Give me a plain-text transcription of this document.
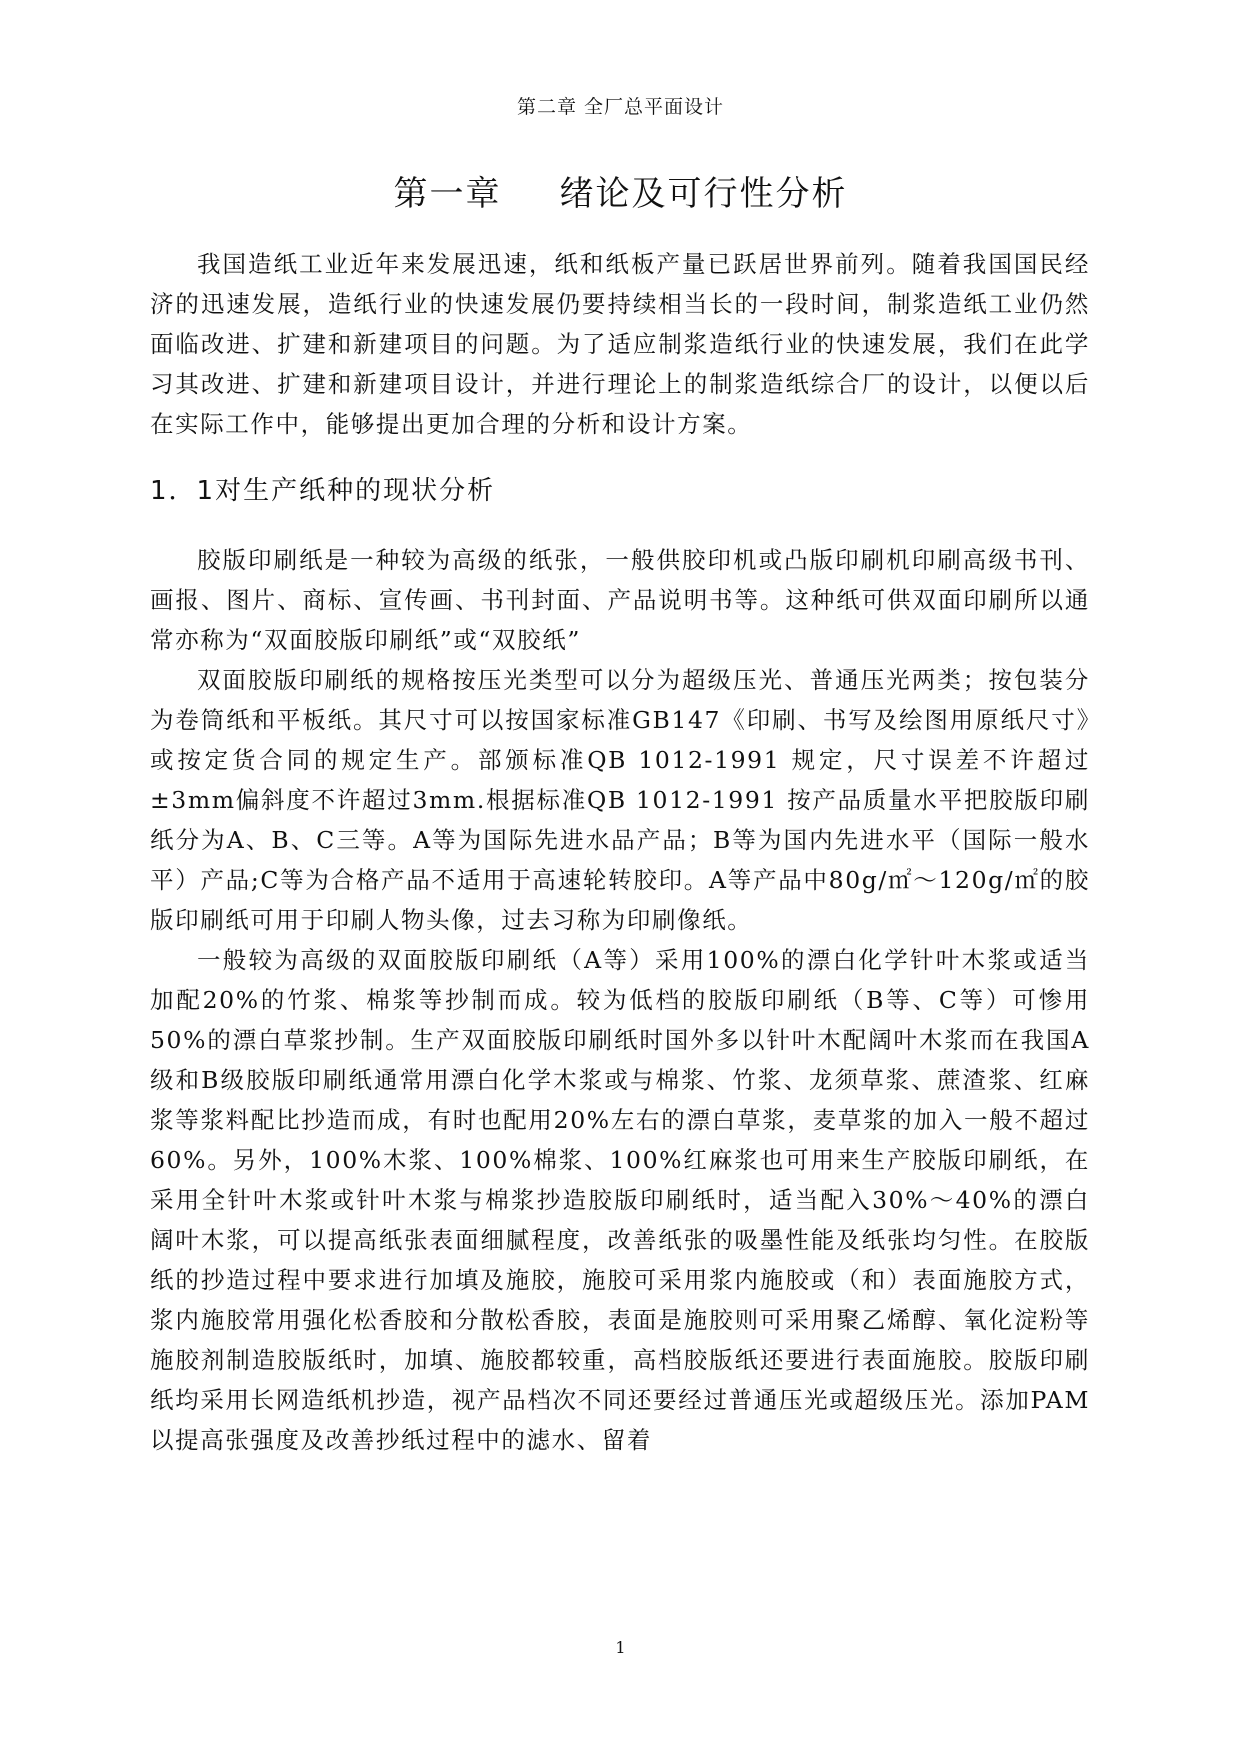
第二章 全厂总平面设计
第一章 绪论及可行性分析

我国造纸工业近年来发展迅速，纸和纸板产量已跃居世界前列。随着我国国民经济的迅速发展，造纸行业的快速发展仍要持续相当长的一段时间，制浆造纸工业仍然面临改进、扩建和新建项目的问题。为了适应制浆造纸行业的快速发展，我们在此学习其改进、扩建和新建项目设计，并进行理论上的制浆造纸综合厂的设计，以便以后在实际工作中，能够提出更加合理的分析和设计方案。

1．1对生产纸种的现状分析

胶版印刷纸是一种较为高级的纸张，一般供胶印机或凸版印刷机印刷高级书刊、画报、图片、商标、宣传画、书刊封面、产品说明书等。这种纸可供双面印刷所以通常亦称为“双面胶版印刷纸”或“双胶纸”

双面胶版印刷纸的规格按压光类型可以分为超级压光、普通压光两类；按包装分为卷筒纸和平板纸。其尺寸可以按国家标准GB147《印刷、书写及绘图用原纸尺寸》或按定货合同的规定生产。部颁标准QB 1012-1991 规定，尺寸误差不许超过±3mm偏斜度不许超过3mm.根据标准QB 1012-1991 按产品质量水平把胶版印刷纸分为A、B、C三等。A等为国际先进水品产品；B等为国内先进水平（国际一般水平）产品;C等为合格产品不适用于高速轮转胶印。A等产品中80g/㎡～120g/㎡的胶版印刷纸可用于印刷人物头像，过去习称为印刷像纸。

一般较为高级的双面胶版印刷纸（A等）采用100%的漂白化学针叶木浆或适当加配20%的竹浆、棉浆等抄制而成。较为低档的胶版印刷纸（B等、C等）可惨用50%的漂白草浆抄制。生产双面胶版印刷纸时国外多以针叶木配阔叶木浆而在我国A级和B级胶版印刷纸通常用漂白化学木浆或与棉浆、竹浆、龙须草浆、蔗渣浆、红麻浆等浆料配比抄造而成，有时也配用20%左右的漂白草浆，麦草浆的加入一般不超过60%。另外，100%木浆、100%棉浆、100%红麻浆也可用来生产胶版印刷纸，在采用全针叶木浆或针叶木浆与棉浆抄造胶版印刷纸时，适当配入30%～40%的漂白阔叶木浆，可以提高纸张表面细腻程度，改善纸张的吸墨性能及纸张均匀性。在胶版纸的抄造过程中要求进行加填及施胶，施胶可采用浆内施胶或（和）表面施胶方式，浆内施胶常用强化松香胶和分散松香胶，表面是施胶则可采用聚乙烯醇、氧化淀粉等施胶剂制造胶版纸时，加填、施胶都较重，高档胶版纸还要进行表面施胶。胶版印刷纸均采用长网造纸机抄造，视产品档次不同还要经过普通压光或超级压光。添加PAM以提高张强度及改善抄纸过程中的滤水、留着

1
